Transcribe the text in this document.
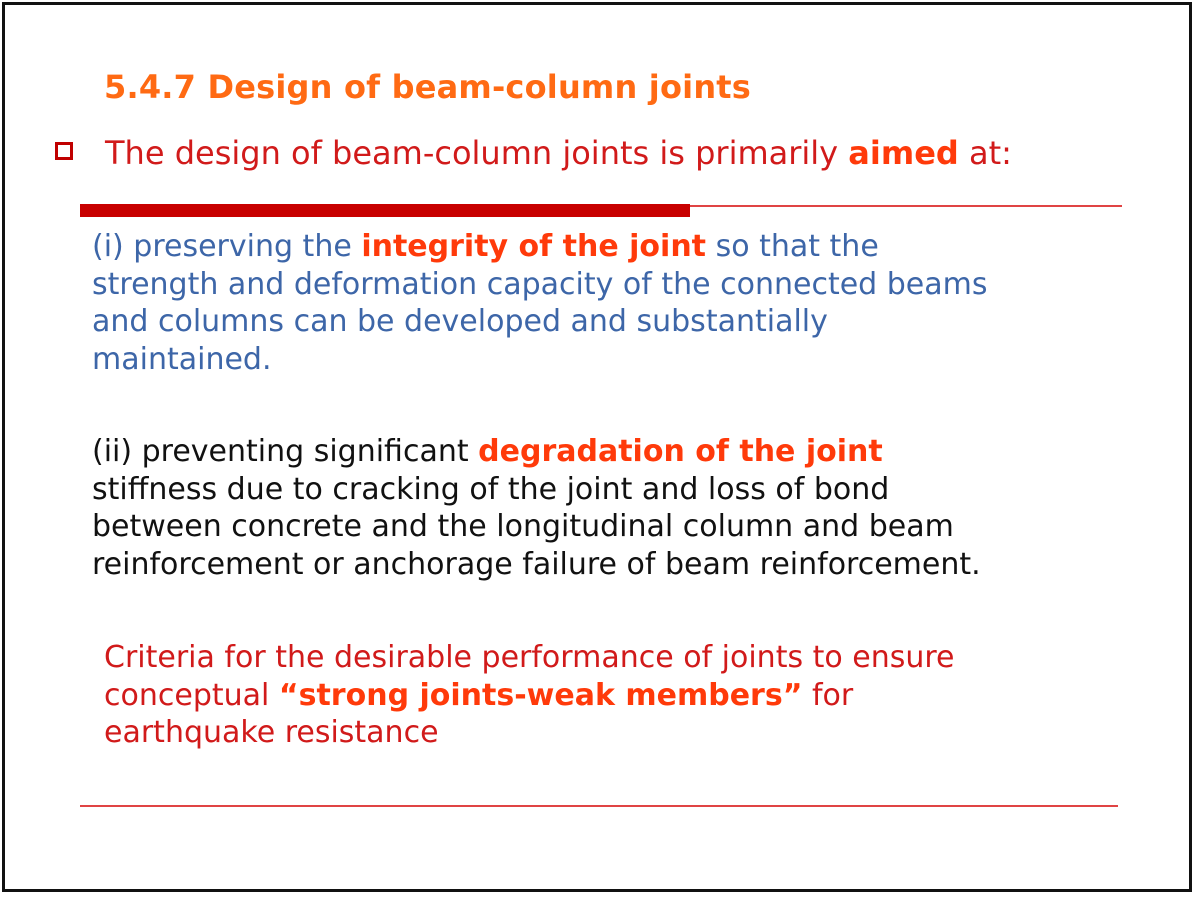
5.4.7 Design of beam-column joints
The design of beam-column joints is primarily aimed at:

(i) preserving the integrity of the joint so that the
strength and deformation capacity of the connected beams
and columns can be developed and substantially
maintained.

(ii) preventing significant degradation of the joint
stiffness due to cracking of the joint and loss of bond
between concrete and the longitudinal column and beam
reinforcement or anchorage failure of beam reinforcement.

Criteria for the desirable performance of joints to ensure
conceptual “strong joints-weak members” for
earthquake resistance
